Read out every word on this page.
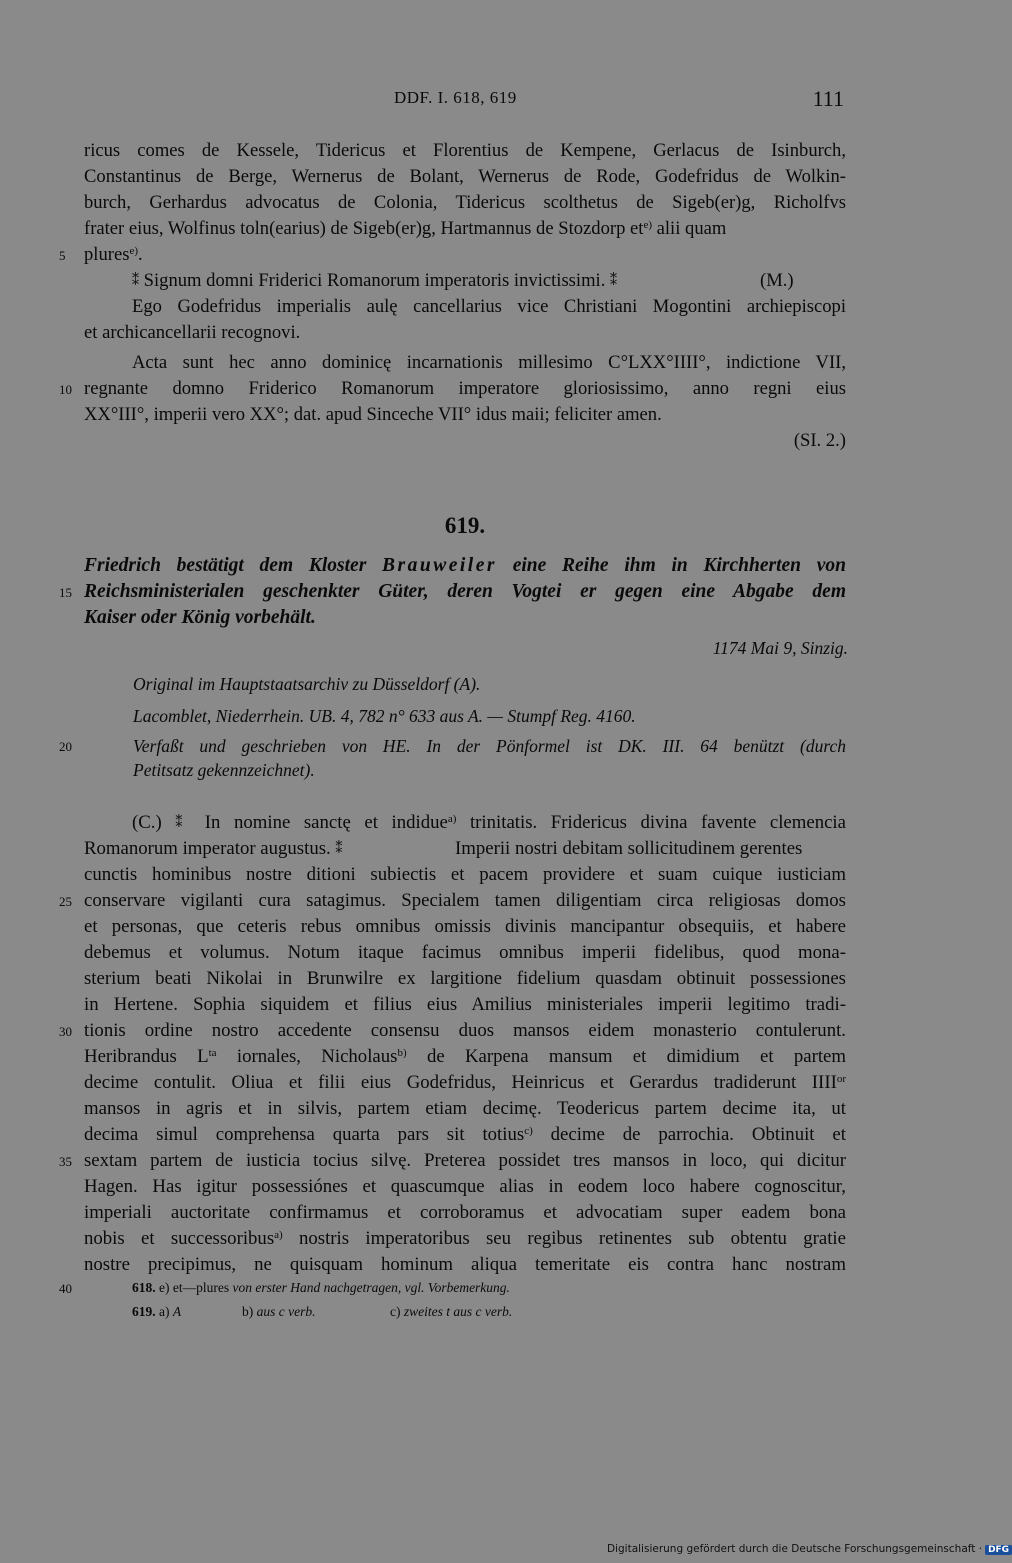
DDF. I. 618, 619	111
ricus comes de Kessele, Tidericus et Florentius de Kempene, Gerlacus de Isinburch,
Constantinus de Berge, Wernerus de Bolant, Wernerus de Rode, Godefridus de Wolkin-
burch, Gerhardus advocatus de Colonia, Tidericus scolthetus de Sigeb(er)g, Richolfvs
frater eius, Wolfinus toln(earius) de Sigeb(er)g, Hartmannus de Stozdorp $et^{e)}$ alii quam
5 plures$^{e)}$.
⁑ Signum domni Friderici Romanorum imperatoris invictissimi. ⁑	(M.)
Ego Godefridus imperialis aulę cancellarius vice Christiani Mogontini archiepiscopi
et archicancellarii recognovi.
Acta sunt hec anno dominicę incarnationis millesimo C°LXX°IIII°, indictione VII,
10 regnante domno Friderico Romanorum imperatore gloriosissimo, anno regni eius
XX°III°, imperii vero XX°; dat. apud Sinceche VII° idus maii; feliciter amen.
(SI. 2.)
619.
Friedrich bestätigt dem Kloster Brauweiler eine Reihe ihm in Kirchherten von
15 Reichsministerialen geschenkter Güter, deren Vogtei er gegen eine Abgabe dem
Kaiser oder König vorbehält.
1174 Mai 9, Sinzig.
Original im Hauptstaatsarchiv zu Düsseldorf (A).
Lacomblet, Niederrhein. UB. 4, 782 n° 633 aus A. — Stumpf Reg. 4160.
20	Verfaßt und geschrieben von HE. In der Pönformel ist DK. III. 64 benützt (durch
Petitsatz gekennzeichnet).
(C.) ⁑ In nomine sanctę et indidue$^{a)}$ trinitatis. Fridericus divina favente clemencia
Romanorum imperator augustus. ⁑	Imperii nostri debitam sollicitudinem gerentes
cunctis hominibus nostre ditioni subiectis et pacem providere et suam cuique iusticiam
25 conservare vigilanti cura satagimus. Specialem tamen diligentiam circa religiosas domos
et personas, que ceteris rebus omnibus omissis divinis mancipantur obsequiis, et habere
debemus et volumus. Notum itaque facimus omnibus imperii fidelibus, quod mona-
sterium beati Nikolai in Brunwilre ex largitione fidelium quasdam obtinuit possessiones
in Hertene. Sophia siquidem et filius eius Amilius ministeriales imperii legitimo tradi-
30 tionis ordine nostro accedente consensu duos mansos eidem monasterio contulerunt.
Heribrandus $L^{ta}$ iornales, Nicholaus$^{b)}$ de Karpena mansum et dimidium et partem
decime contulit. Oliua et filii eius Godefridus, Heinricus et Gerardus tradiderunt $IIII^{or}$
mansos in agris et in silvis, partem etiam decimę. Teodericus partem decime ita, ut
decima simul comprehensa quarta pars sit totius$^{c)}$ decime de parrochia. Obtinuit et
35 sextam partem de iusticia tocius silvę. Preterea possidet tres mansos in loco, qui dicitur
Hagen. Has igitur possessiónes et quascumque alias in eodem loco habere cognoscitur,
imperiali auctoritate confirmamus et corroboramus et advocatiam super eadem bona
nobis et successoribus$^{a)}$ nostris imperatoribus seu regibus retinentes sub obtentu gratie
nostre precipimus, ne quisquam hominum aliqua temeritate eis contra hanc nostram
40	618. e) et—plures von erster Hand nachgetragen, vgl. Vorbemerkung.
619. a) A	b) aus c verb.	c) zweites t aus c verb.
Digitalisierung gefördert durch die Deutsche Forschungsgemeinschaft · DFG
